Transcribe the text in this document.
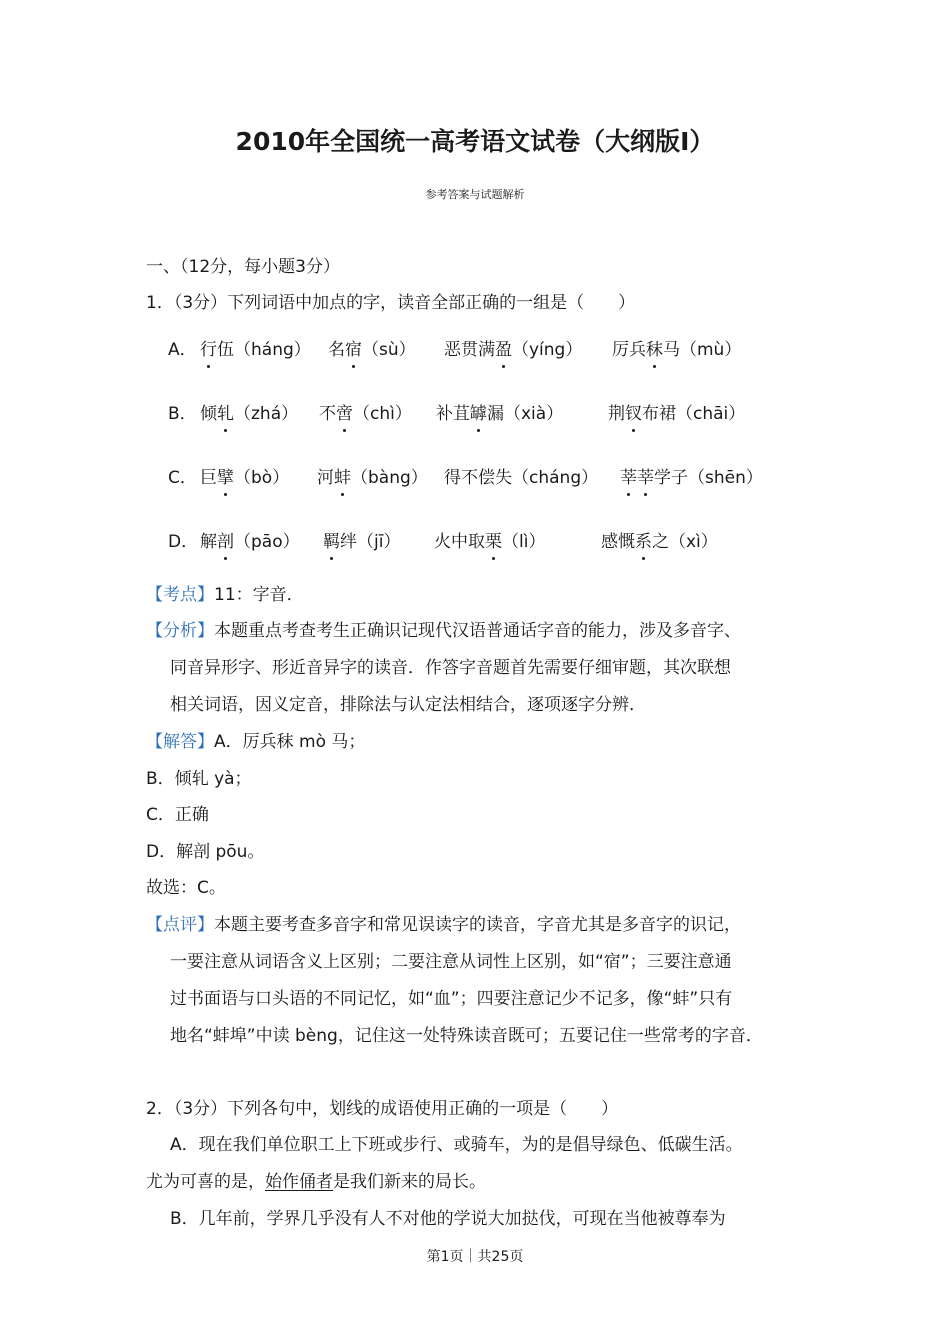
2010年全国统一高考语文试卷（大纲版Ⅰ）
参考答案与试题解析
一、（12分，每小题3分）
1．（3分）下列词语中加点的字，读音全部正确的一组是（　　）
A． 行伍（háng） 名宿（sù） 恶贯满盈（yíng） 厉兵秣马（mù）
B． 倾轧（zhá） 不啻（chì） 补苴罅漏（xià）	荆钗布裙（chāi）
C． 巨擘（bò） 河蚌（bàng） 得不偿失（cháng） 莘莘学子（shēn）
D． 解剖（pāo） 羁绊（jī） 火中取栗（lì）	感慨系之（xì）
【考点】11：字音．
【分析】本题重点考查考生正确识记现代汉语普通话字音的能力，涉及多音字、
同音异形字、形近音异字的读音．作答字音题首先需要仔细审题，其次联想
相关词语，因义定音，排除法与认定法相结合，逐项逐字分辨．
【解答】A．厉兵秣 mò 马；
B．倾轧 yà；
C．正确
D．解剖 pōu。
故选：C。
【点评】本题主要考查多音字和常见误读字的读音，字音尤其是多音字的识记，
一要注意从词语含义上区别；二要注意从词性上区别，如“宿”；三要注意通
过书面语与口头语的不同记忆，如“血”；四要注意记少不记多，像“蚌”只有
地名“蚌埠”中读 bèng，记住这一处特殊读音既可；五要记住一些常考的字音．
2．（3分）下列各句中，划线的成语使用正确的一项是（　　）
A．现在我们单位职工上下班或步行、或骑车，为的是倡导绿色、低碳生活。
尤为可喜的是，始作俑者是我们新来的局长。
B．几年前，学界几乎没有人不对他的学说大加挞伐，可现在当他被尊奉为
第1页｜共25页
